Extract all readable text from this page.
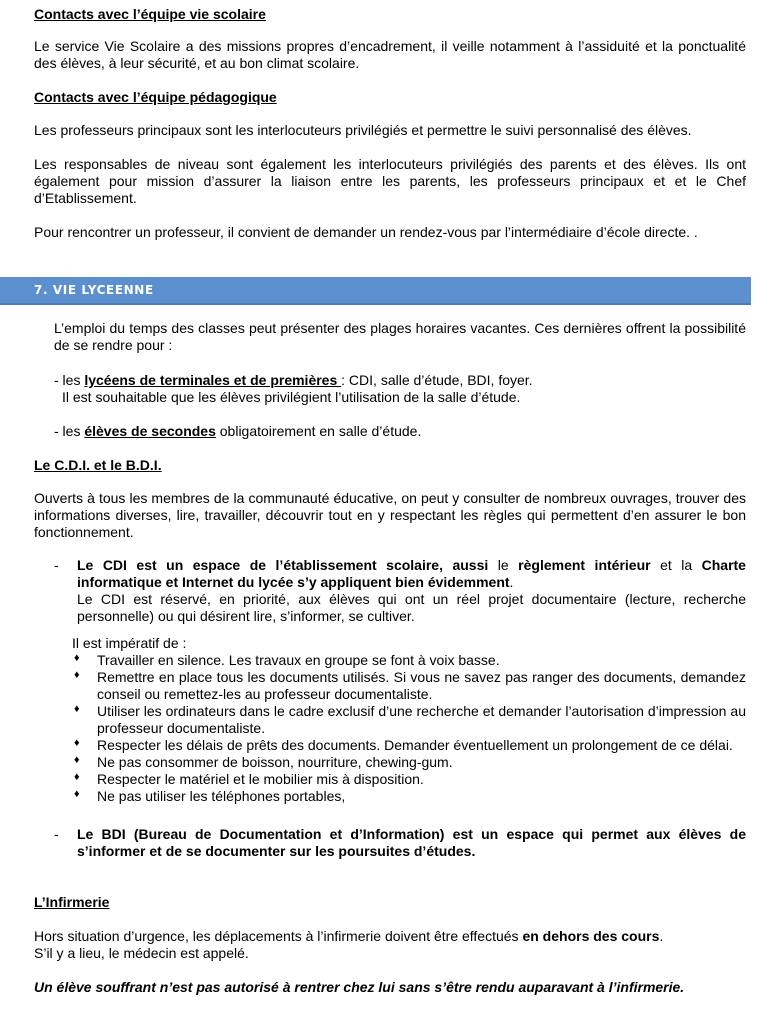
Contacts avec l’équipe vie scolaire

Le service Vie Scolaire a des missions propres d’encadrement, il veille notamment à l’assiduité et la ponctualité des élèves, à leur sécurité, et au bon climat scolaire.

Contacts avec l’équipe pédagogique

Les professeurs principaux sont les interlocuteurs privilégiés et permettre le suivi personnalisé des élèves.

Les responsables de niveau sont également les interlocuteurs privilégiés des parents et des élèves. Ils ont également pour mission d’assurer la liaison entre les parents, les professeurs principaux et et le Chef d’Etablissement.

Pour rencontrer un professeur, il convient de demander un rendez-vous par l’intermédiaire d’école directe. .

7. VIE LYCEENNE

L’emploi du temps des classes peut présenter des plages horaires vacantes. Ces dernières offrent la possibilité de se rendre pour :

- les lycéens de terminales et de premières : CDI, salle d’étude, BDI, foyer.

Il est souhaitable que les élèves privilégient l’utilisation de la salle d’étude.

- les élèves de secondes obligatoirement en salle d’étude.

Le C.D.I. et le B.D.I.

Ouverts à tous les membres de la communauté éducative, on peut y consulter de nombreux ouvrages, trouver des informations diverses, lire, travailler, découvrir tout en y respectant les règles qui permettent d’en assurer le bon fonctionnement.

- Le CDI est un espace de l’établissement scolaire, aussi le règlement intérieur et la Charte informatique et Internet du lycée s’y appliquent bien évidemment.

Le CDI est réservé, en priorité, aux élèves qui ont un réel projet documentaire (lecture, recherche personnelle) ou qui désirent lire, s’informer, se cultiver.

Il est impératif de :

♦ Travailler en silence. Les travaux en groupe se font à voix basse.

♦ Remettre en place tous les documents utilisés. Si vous ne savez pas ranger des documents, demandez conseil ou remettez-les au professeur documentaliste.

♦ Utiliser les ordinateurs dans le cadre exclusif d’une recherche et demander l’autorisation d’impression au professeur documentaliste.

♦ Respecter les délais de prêts des documents. Demander éventuellement un prolongement de ce délai.

♦ Ne pas consommer de boisson, nourriture, chewing-gum.

♦ Respecter le matériel et le mobilier mis à disposition.

♦ Ne pas utiliser les téléphones portables,

- Le BDI (Bureau de Documentation et d’Information) est un espace qui permet aux élèves de s’informer et de se documenter sur les poursuites d’études.

L’Infirmerie

Hors situation d’urgence, les déplacements à l’infirmerie doivent être effectués en dehors des cours.

S’il y a lieu, le médecin est appelé.

Un élève souffrant n’est pas autorisé à rentrer chez lui sans s’être rendu auparavant à l’infirmerie.
